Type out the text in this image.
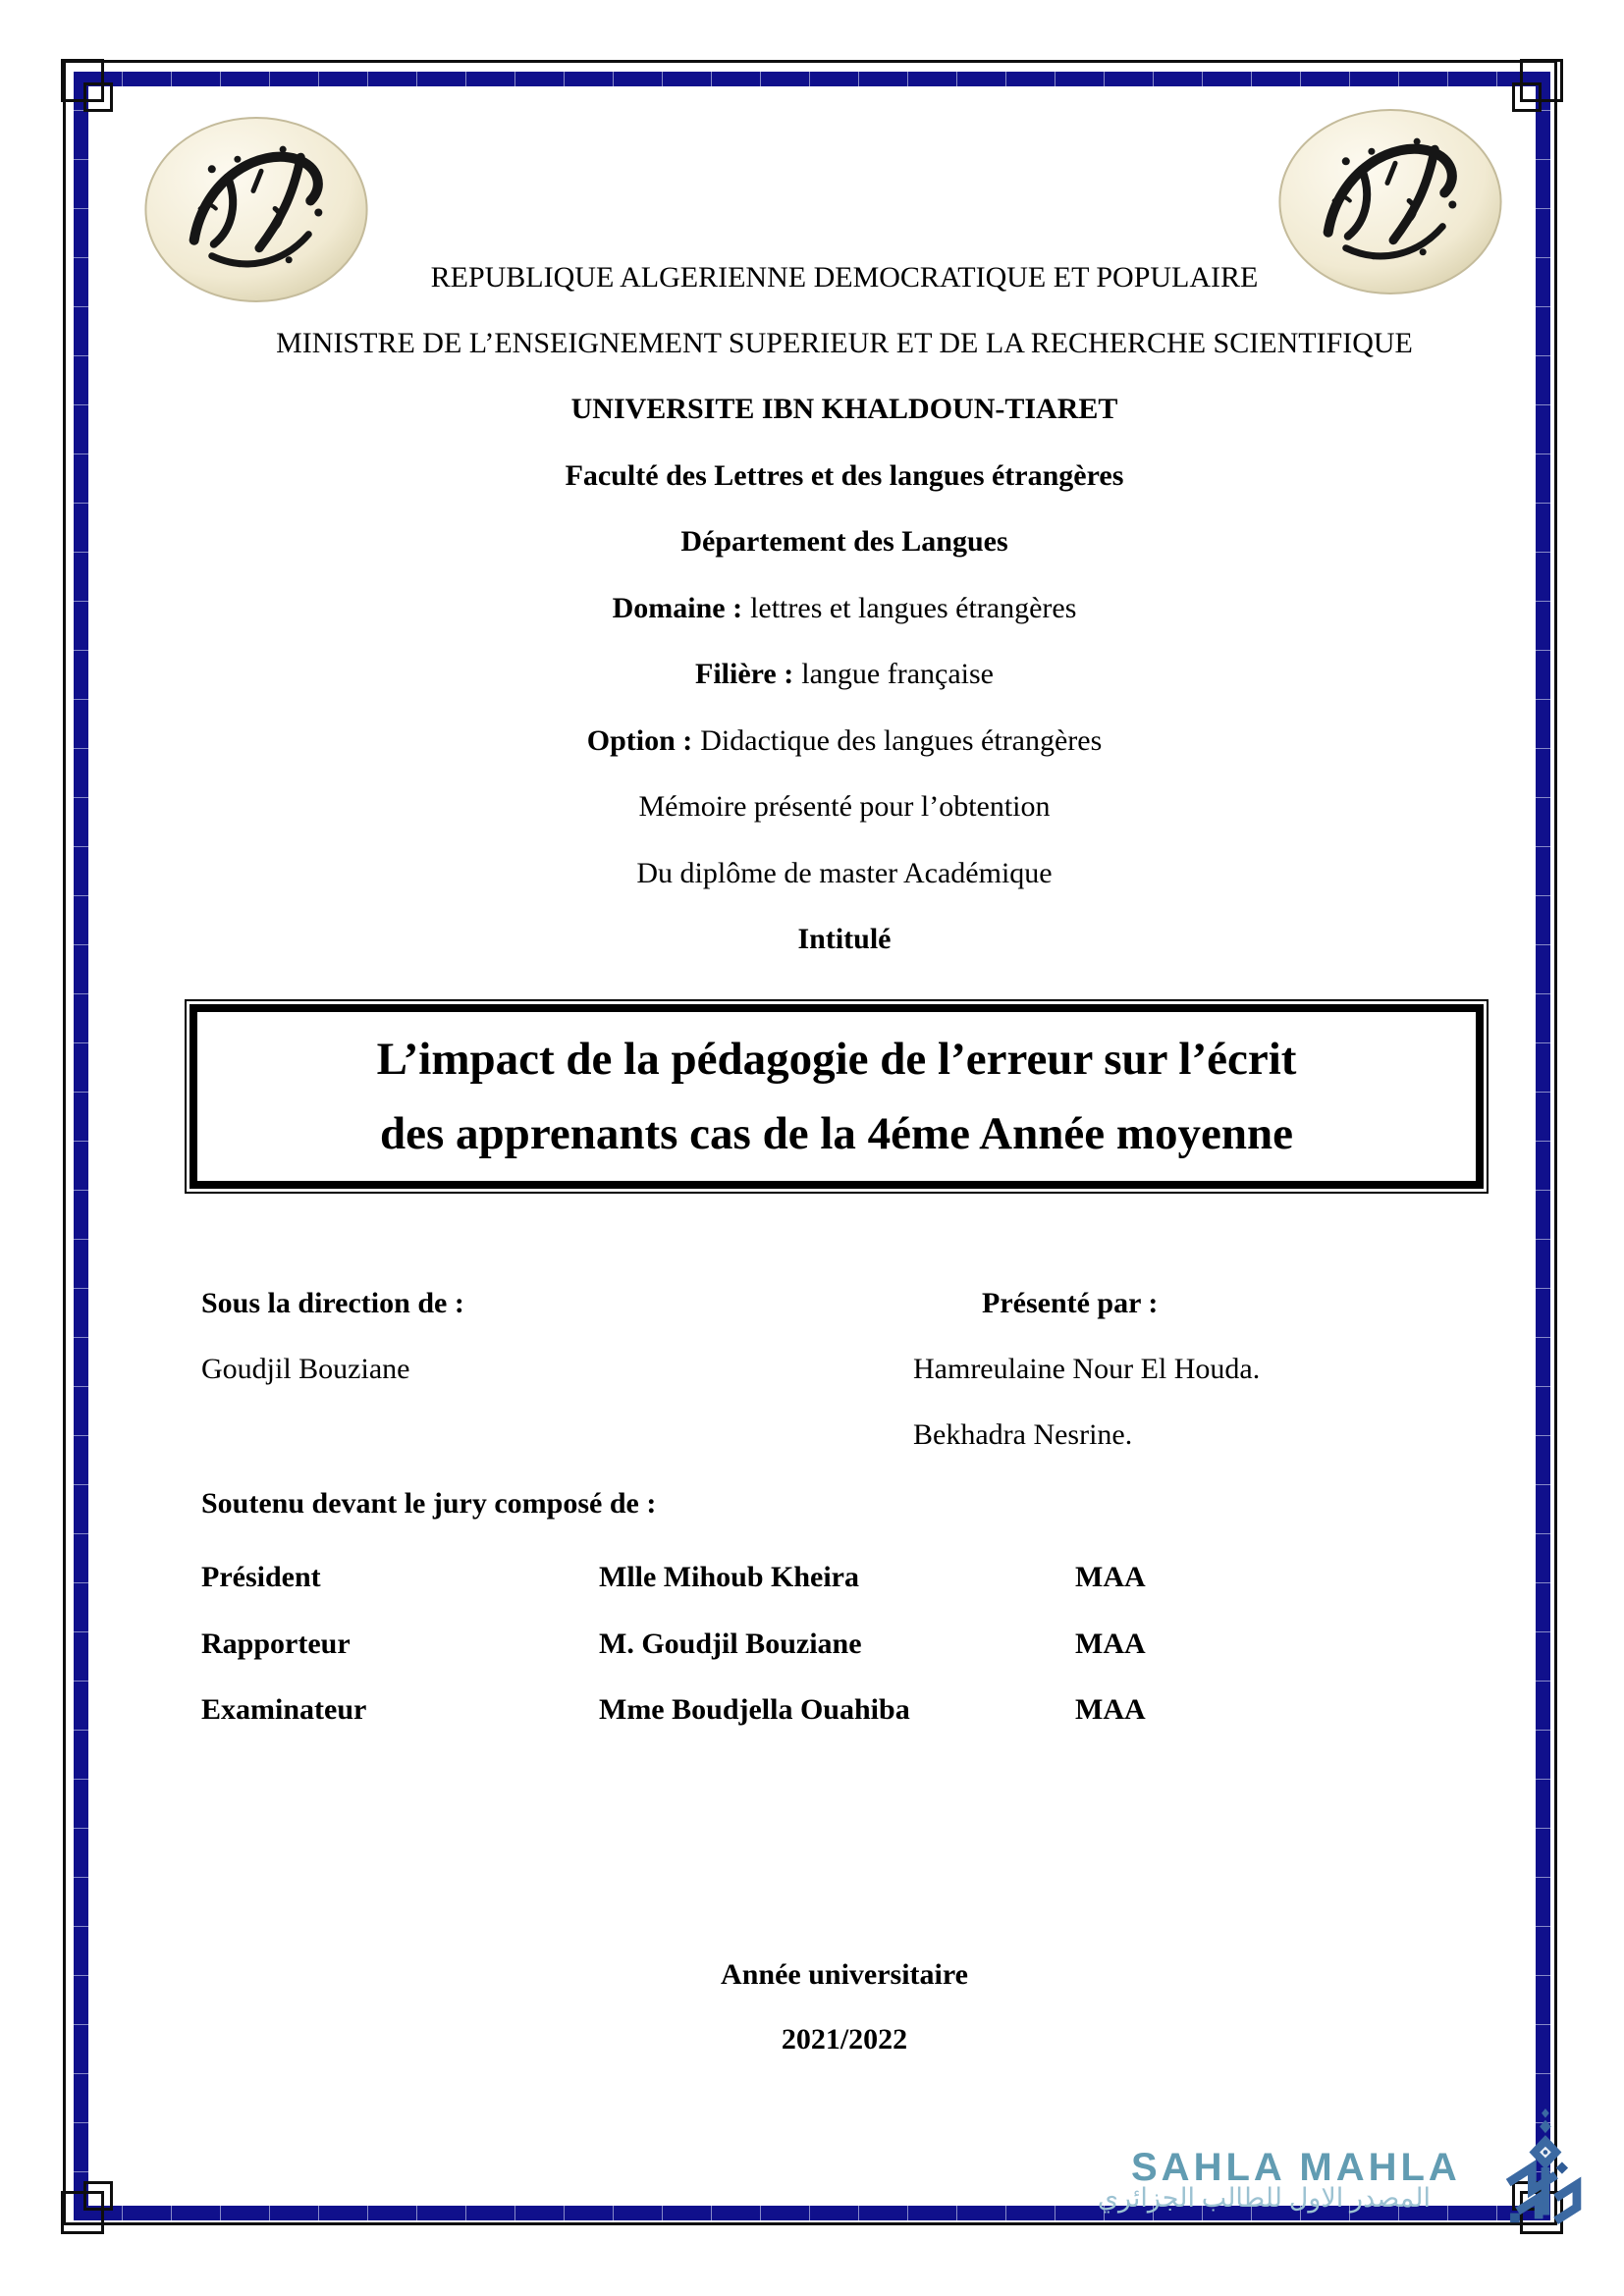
REPUBLIQUE ALGERIENNE DEMOCRATIQUE ET POPULAIRE
MINISTRE DE L’ENSEIGNEMENT SUPERIEUR ET DE LA RECHERCHE SCIENTIFIQUE
UNIVERSITE IBN KHALDOUN-TIARET
Faculté des Lettres et des langues étrangères
Département des Langues
Domaine : lettres et langues étrangères
Filière : langue française
Option : Didactique des langues étrangères
Mémoire présenté pour l’obtention
Du diplôme de master Académique
Intitulé
L’impact de la pédagogie de l’erreur sur l’écrit
des apprenants cas de la 4éme Année moyenne
Sous la direction de :	Présenté par :
Goudjil Bouziane	Hamreulaine Nour El Houda.
Bekhadra Nesrine.
Soutenu devant le jury composé de :
Président	Mlle Mihoub Kheira	MAA
Rapporteur	M. Goudjil Bouziane	MAA
Examinateur	Mme Boudjella Ouahiba	MAA
Année universitaire
2021/2022
SAHLA MAHLA
المصدر الاول للطالب الجزائري
